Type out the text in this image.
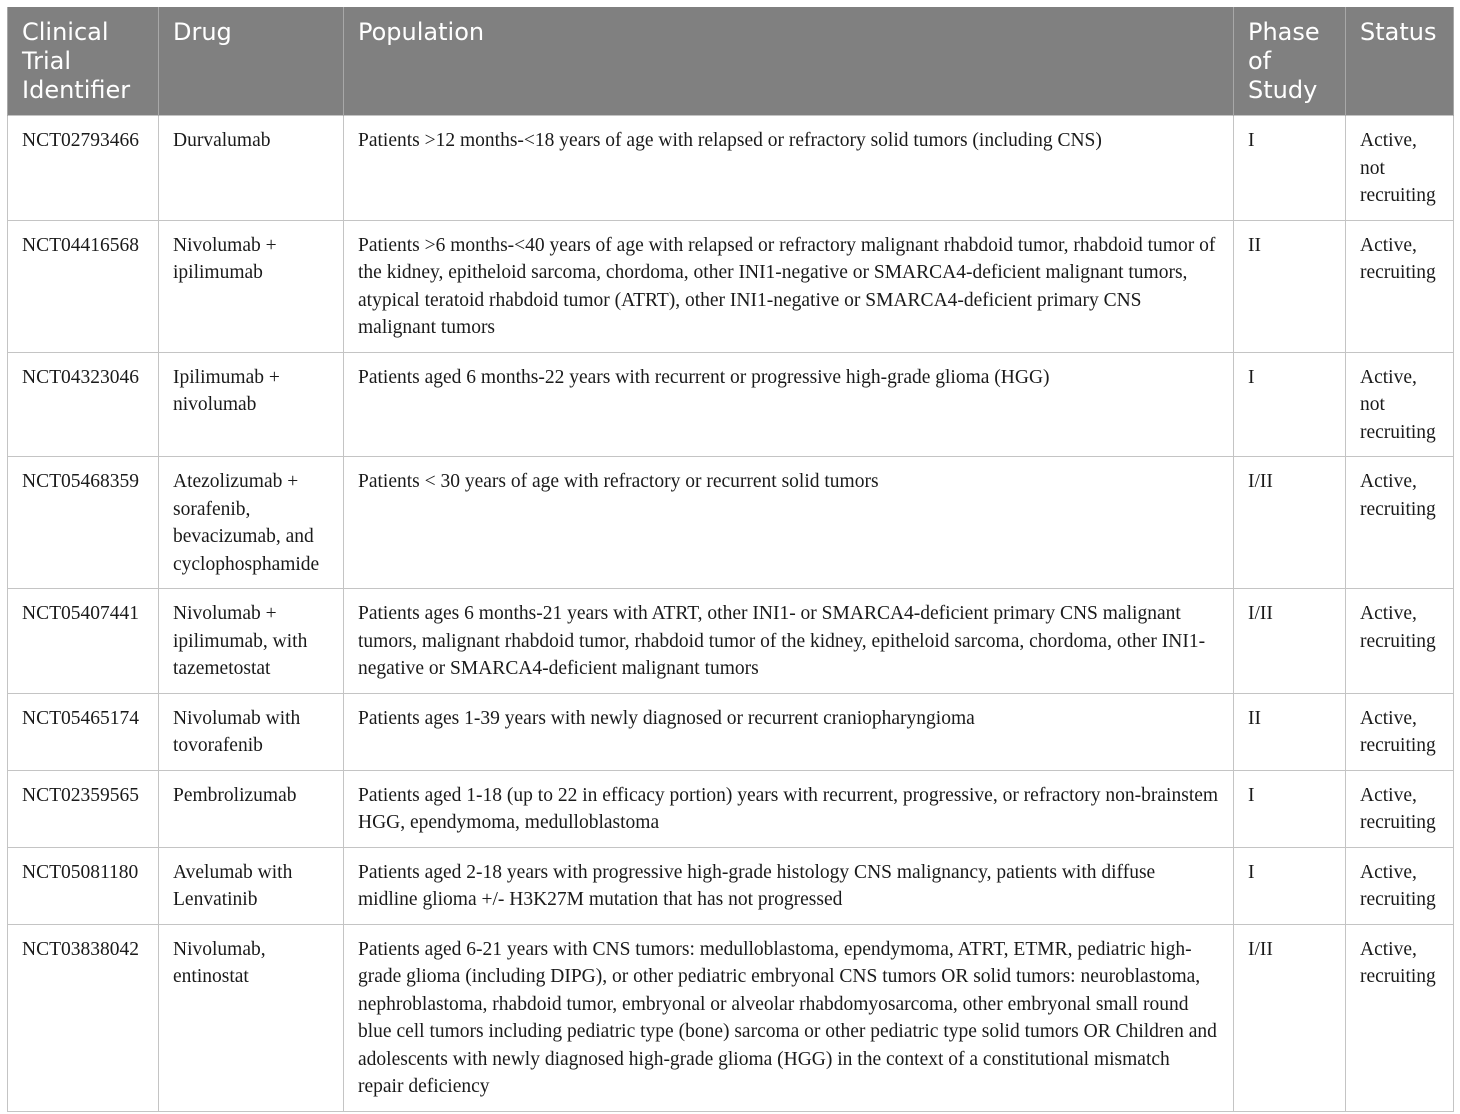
Clinical Trial Identifier	Drug	Population	Phase of Study	Status
NCT02793466	Durvalumab	Patients >12 months-<18 years of age with relapsed or refractory solid tumors (including CNS)	I	Active, not recruiting
NCT04416568	Nivolumab + ipilimumab	Patients >6 months-<40 years of age with relapsed or refractory malignant rhabdoid tumor, rhabdoid tumor of the kidney, epitheloid sarcoma, chordoma, other INI1-negative or SMARCA4-deficient malignant tumors, atypical teratoid rhabdoid tumor (ATRT), other INI1-negative or SMARCA4-deficient primary CNS malignant tumors	II	Active, recruiting
NCT04323046	Ipilimumab + nivolumab	Patients aged 6 months-22 years with recurrent or progressive high-grade glioma (HGG)	I	Active, not recruiting
NCT05468359	Atezolizumab + sorafenib, bevacizumab, and cyclophosphamide	Patients < 30 years of age with refractory or recurrent solid tumors	I/II	Active, recruiting
NCT05407441	Nivolumab + ipilimumab, with tazemetostat	Patients ages 6 months-21 years with ATRT, other INI1- or SMARCA4-deficient primary CNS malignant tumors, malignant rhabdoid tumor, rhabdoid tumor of the kidney, epitheloid sarcoma, chordoma, other INI1-negative or SMARCA4-deficient malignant tumors	I/II	Active, recruiting
NCT05465174	Nivolumab with tovorafenib	Patients ages 1-39 years with newly diagnosed or recurrent craniopharyngioma	II	Active, recruiting
NCT02359565	Pembrolizumab	Patients aged 1-18 (up to 22 in efficacy portion) years with recurrent, progressive, or refractory non-brainstem HGG, ependymoma, medulloblastoma	I	Active, recruiting
NCT05081180	Avelumab with Lenvatinib	Patients aged 2-18 years with progressive high-grade histology CNS malignancy, patients with diffuse midline glioma +/- H3K27M mutation that has not progressed	I	Active, recruiting
NCT03838042	Nivolumab, entinostat	Patients aged 6-21 years with CNS tumors: medulloblastoma, ependymoma, ATRT, ETMR, pediatric high-grade glioma (including DIPG), or other pediatric embryonal CNS tumors OR solid tumors: neuroblastoma, nephroblastoma, rhabdoid tumor, embryonal or alveolar rhabdomyosarcoma, other embryonal small round blue cell tumors including pediatric type (bone) sarcoma or other pediatric type solid tumors OR Children and adolescents with newly diagnosed high-grade glioma (HGG) in the context of a constitutional mismatch repair deficiency	I/II	Active, recruiting
